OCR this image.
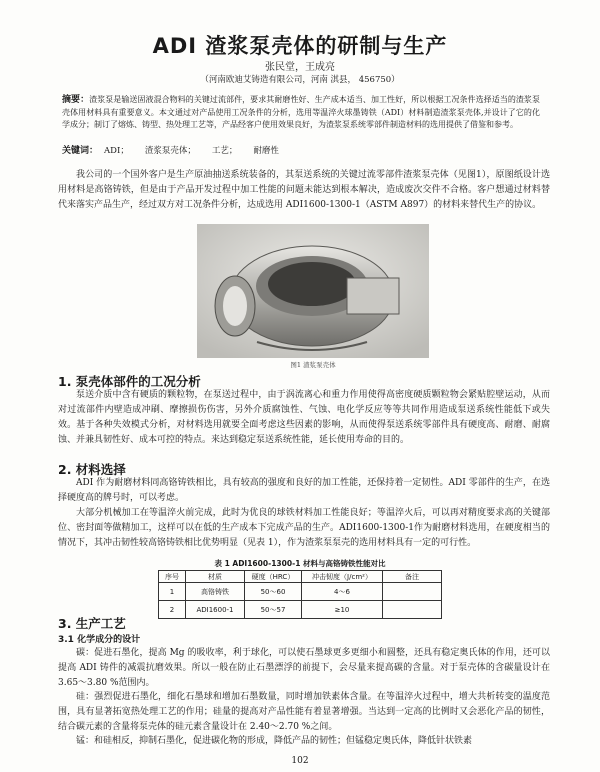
ADI 渣浆泵壳体的研制与生产
张民堂，王成亮
（河南欧迪艾铸造有限公司，河南 淇县， 456750）
摘要：渣浆泵是输送固液混合物料的关键过流部件，要求其耐磨性好、生产成本适当、加工性好，所以根据工况条件选择适当的渣浆泵壳体用材料具有重要意义。本文通过对产品使用工况条件的分析，选用等温淬火球墨铸铁（ADI）材料制造渣浆泵壳体,并设计了它的化学成分；制订了熔炼、铸型、热处理工艺等，产品经客户使用效果良好，为渣浆泵系统零部件制造材料的选用提供了借鉴和参考。
关键词： ADI； 渣浆泵壳体； 工艺； 耐磨性
我公司的一个国外客户是生产原油抽送系统装备的，其泵送系统的关键过流零部件渣浆泵壳体（见图1），原图纸设计选用材料是高铬铸铁，但是由于产品开发过程中加工性能的问题未能达到根本解决，造成废次交件不合格。客户想通过材料替代来落实产品生产，经过双方对工况条件分析，达成选用 ADI1600-1300-1（ASTM A897）的材料来替代生产的协议。
图1 渣浆泵壳体
1. 泵壳体部件的工况分析
泵送介质中含有硬质的颗粒物，在泵送过程中，由于涡流离心和重力作用使得高密度硬质颗粒物会紧贴腔壁运动，从而对过流部件内壁造成冲刷、摩擦损伤伤害，另外介质腐蚀性、气蚀、电化学反应等等共同作用造成泵送系统性能低下或失效。基于各种失效模式分析，对材料选用就要全面考虑这些因素的影响，从而使得泵送系统零部件具有硬度高、耐磨、耐腐蚀、并兼具韧性好、成本可控的特点。来达到稳定泵送系统性能，延长使用寿命的目的。
2. 材料选择
ADI 作为耐磨材料同高铬铸铁相比，具有较高的强度和良好的加工性能，还保持着一定韧性。ADI 零部件的生产，在选择硬度高的牌号时，可以考虑。
大部分机械加工在等温淬火前完成，此时为优良的球铁材料加工性能良好；等温淬火后，可以再对精度要求高的关键部位、密封面等做精加工，这样可以在低的生产成本下完成产品的生产。ADI1600-1300-1作为耐磨材料选用，在硬度相当的情况下，其冲击韧性较高铬铸铁相比优势明显（见表 1），作为渣浆泵泵壳的选用材料具有一定的可行性。
表 1 ADI1600-1300-1 材料与高铬铸铁性能对比
序号	材质	硬度（HRC）	冲击韧度（J/cm²）	备注
1	高铬铸铁	50～60	4～6	
2	ADI1600-1	50～57	≥10	
3. 生产工艺
3.1 化学成分的设计
碳：促进石墨化，提高 Mg 的吸收率，利于球化，可以使石墨球更多更细小和圆整，还具有稳定奥氏体的作用，还可以提高 ADI 铸件的减震抗磨效果。所以一般在防止石墨漂浮的前提下，会尽量来提高碳的含量。对于泵壳体的含碳量设计在 3.65～3.80 %范围内。
硅：强烈促进石墨化，细化石墨球和增加石墨数量，同时增加铁素体含量。在等温淬火过程中，增大共析转变的温度范围，具有显著拓宽热处理工艺的作用；硅量的提高对产品性能有着显著增强。当达到一定高的比例时又会恶化产品的韧性，结合碳元素的含量将泵壳体的硅元素含量设计在 2.40～2.70 %之间。
锰：和硅相反，抑制石墨化，促进碳化物的形成，降低产品的韧性；但锰稳定奥氏体，降低针状铁素
102
